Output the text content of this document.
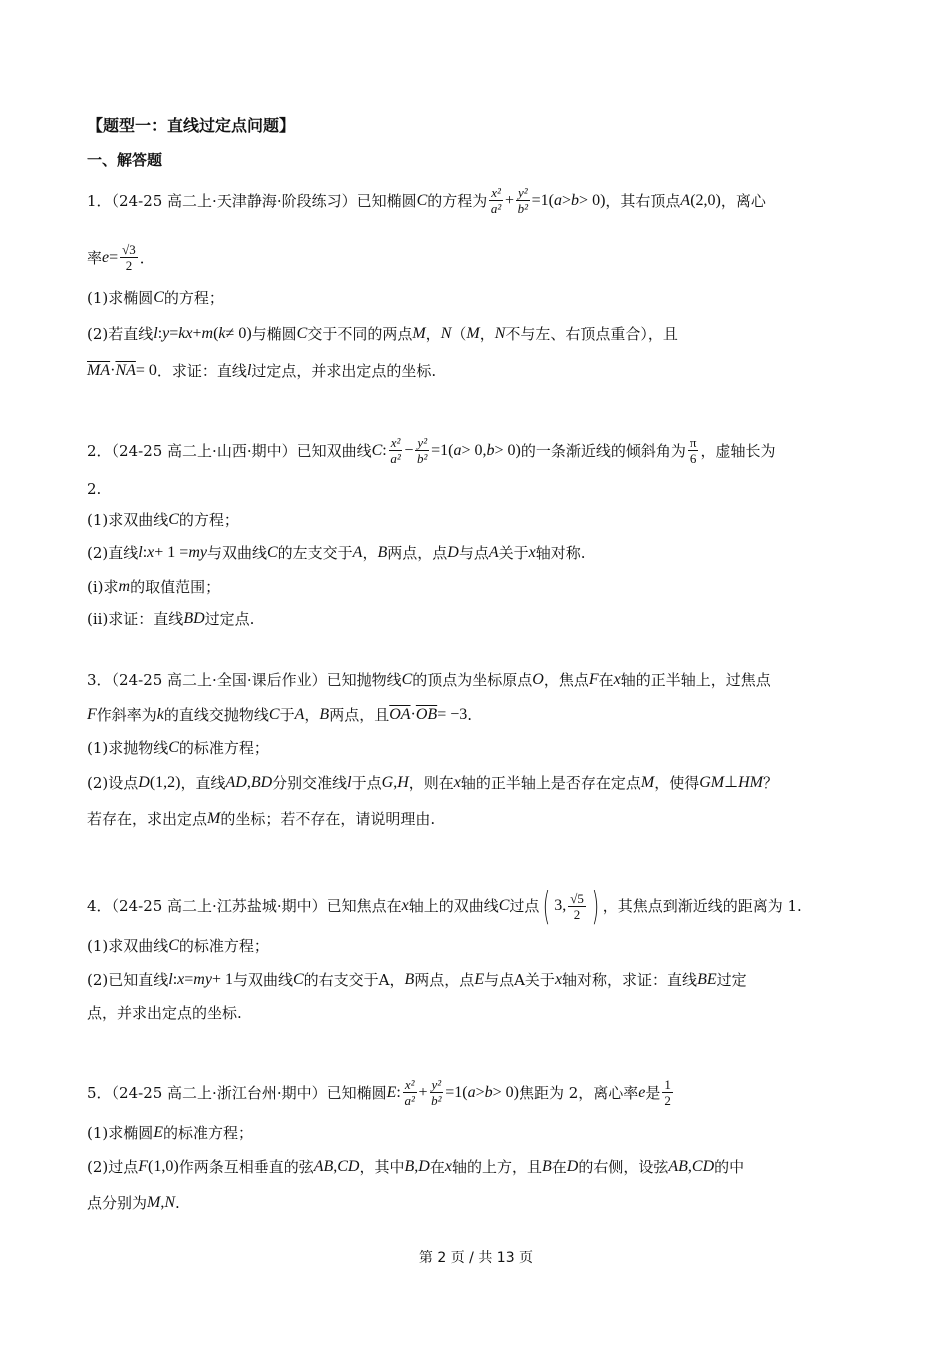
【题型一：直线过定点问题】
一、解答题
1．（24-25 高二上·天津静海·阶段练习）已知椭圆 C 的方程为 $\frac{\text{x²}}{\text{a²}} + \frac{\text{y²}}{\text{b²}} =1$( a > b > 0) ，其右顶点 A (2,0) ，离心
率 $e = \frac{√3}{2}$ ．
(1)求椭圆 C 的方程；
(2)若直线 l : y = kx + m ( k ≠ 0) 与椭圆 C 交于不同的两点 M ， N （ M ， N 不与左、右顶点重合），且
$\overline{MA} \cdot \overline{NA} = 0$ ．求证：直线 l 过定点，并求出定点的坐标.
2．（24-25 高二上·山西·期中）已知双曲线 C : $\frac{\text{x²}}{\text{a²}} - \frac{\text{y²}}{\text{b²}} =1$( a > 0, b > 0) 的一条渐近线的倾斜角为 $\frac{\pi}{6}$ ，虚轴长为
2.
(1)求双曲线 C 的方程；
(2)直线 l : x + 1 = my 与双曲线 C 的左支交于 A ， B 两点，点 D 与点 A 关于 x 轴对称.
(i)求 m 的取值范围；
(ii)求证：直线 BD 过定点.
3．（24-25 高二上·全国·课后作业）已知抛物线 C 的顶点为坐标原点 O ，焦点 F 在 x 轴的正半轴上，过焦点
F 作斜率为 k 的直线交抛物线 C 于 A ， B 两点，且 $\overline{OA} \cdot \overline{OB} = -3$ .
(1)求抛物线 C 的标准方程；
(2)设点 D (1,2) ，直线 AD , BD 分别交准线 l 于点 G , H ，则在 x 轴的正半轴上是否存在定点 M ，使得 GM ⊥ HM ？
若存在，求出定点 M 的坐标；若不存在，请说明理由.
4．（24-25 高二上·江苏盐城·期中）已知焦点在 x 轴上的双曲线 C 过点 ( 3, $\frac{√5}{2}$ ) ，其焦点到渐近线的距离为 1.
(1)求双曲线 C 的标准方程；
(2)已知直线 l : x = my + 1 与双曲线 C 的右支交于A， B 两点，点 E 与点A关于 x 轴对称，求证：直线 BE 过定
点，并求出定点的坐标.
5．（24-25 高二上·浙江台州·期中）已知椭圆 E : $\frac{\text{x²}}{\text{a²}} + \frac{\text{y²}}{\text{b²}} =1$( a > b > 0) 焦距为 2，离心率 e 是 $\frac{1}{2}$
(1)求椭圆 E 的标准方程；
(2)过点 F (1,0) 作两条互相垂直的弦 AB , CD ，其中 B , D 在 x 轴的上方，且 B 在 D 的右侧，设弦 AB , CD 的中
点分别为 M , N .
第 2 页 / 共 13 页
